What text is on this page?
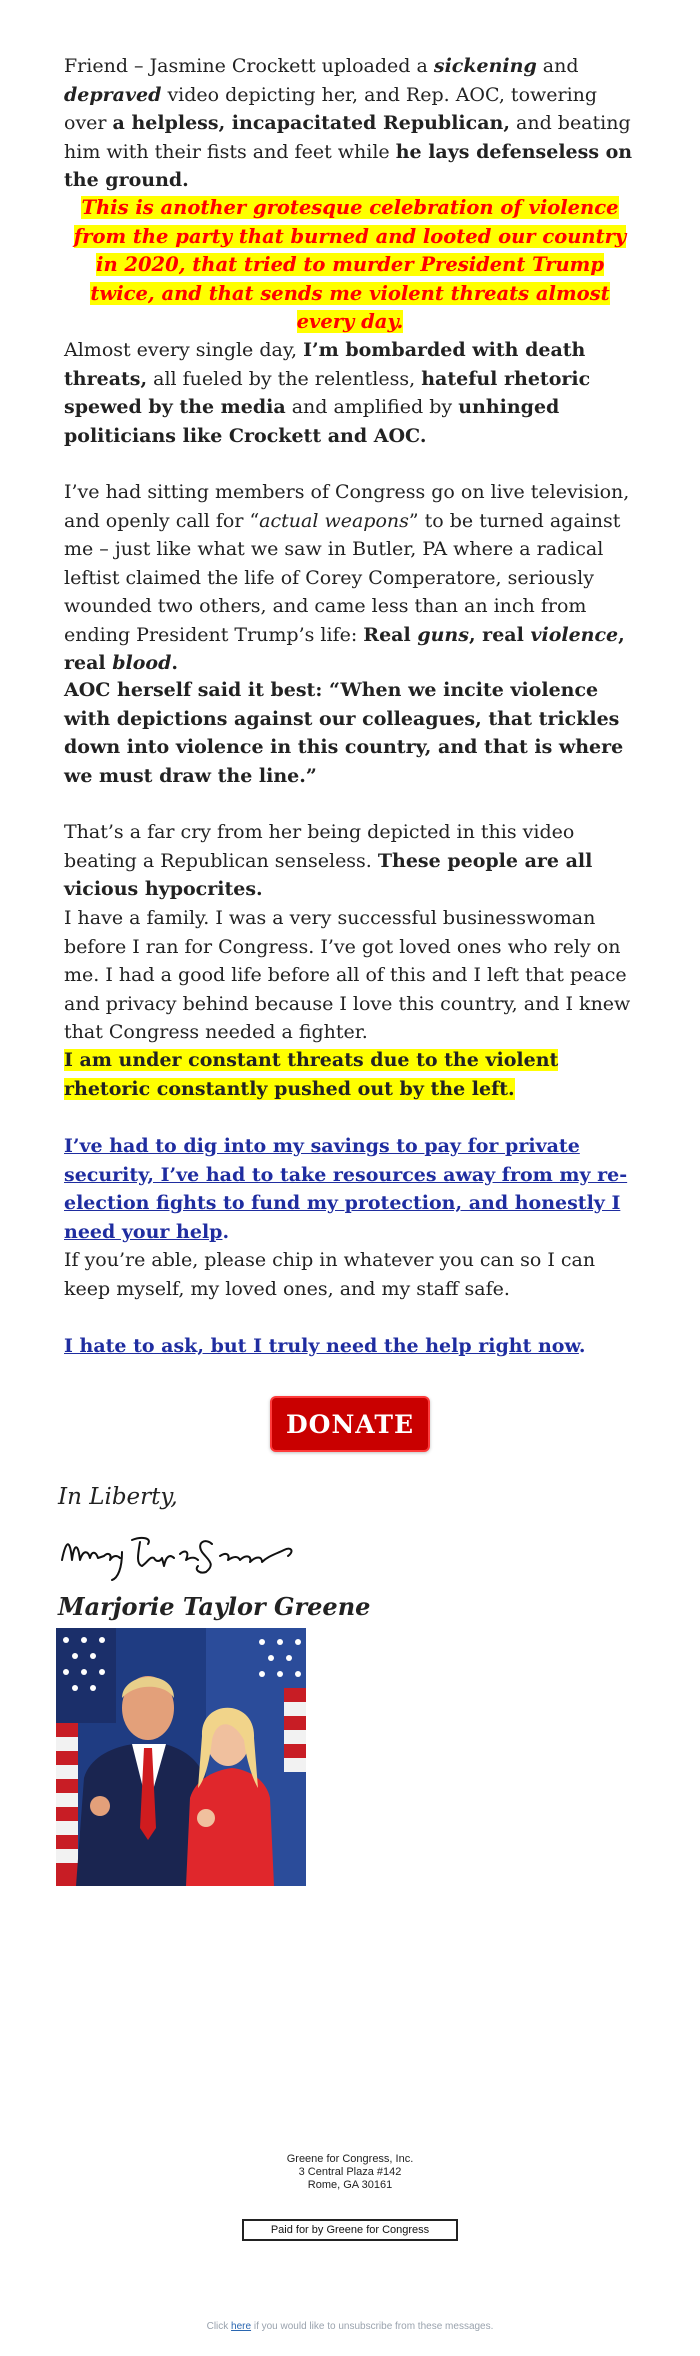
Friend – Jasmine Crockett uploaded a sickening and depraved video depicting her, and Rep. AOC, towering over a helpless, incapacitated Republican, and beating him with their fists and feet while he lays defenseless on the ground.

This is another grotesque celebration of violence from the party that burned and looted our country in 2020, that tried to murder President Trump twice, and that sends me violent threats almost every day.

Almost every single day, I’m bombarded with death threats, all fueled by the relentless, hateful rhetoric spewed by the media and amplified by unhinged politicians like Crockett and AOC.

I’ve had sitting members of Congress go on live television, and openly call for “actual weapons” to be turned against me – just like what we saw in Butler, PA where a radical leftist claimed the life of Corey Comperatore, seriously wounded two others, and came less than an inch from ending President Trump’s life: Real guns, real violence, real blood.

AOC herself said it best: “When we incite violence with depictions against our colleagues, that trickles down into violence in this country, and that is where we must draw the line.”

That’s a far cry from her being depicted in this video beating a Republican senseless. These people are all vicious hypocrites.

I have a family. I was a very successful businesswoman before I ran for Congress. I’ve got loved ones who rely on me. I had a good life before all of this and I left that peace and privacy behind because I love this country, and I knew that Congress needed a fighter.

I am under constant threats due to the violent rhetoric constantly pushed out by the left.

I’ve had to dig into my savings to pay for private security, I’ve had to take resources away from my re-election fights to fund my protection, and honestly I need your help.

If you’re able, please chip in whatever you can so I can keep myself, my loved ones, and my staff safe.

I hate to ask, but I truly need the help right now.

DONATE
In Liberty,
Marjorie Taylor Greene
Marjorie Taylor Greene
Greene for Congress, Inc.
3 Central Plaza #142
Rome, GA 30161
Paid for by Greene for Congress
Click here if you would like to unsubscribe from these messages.
